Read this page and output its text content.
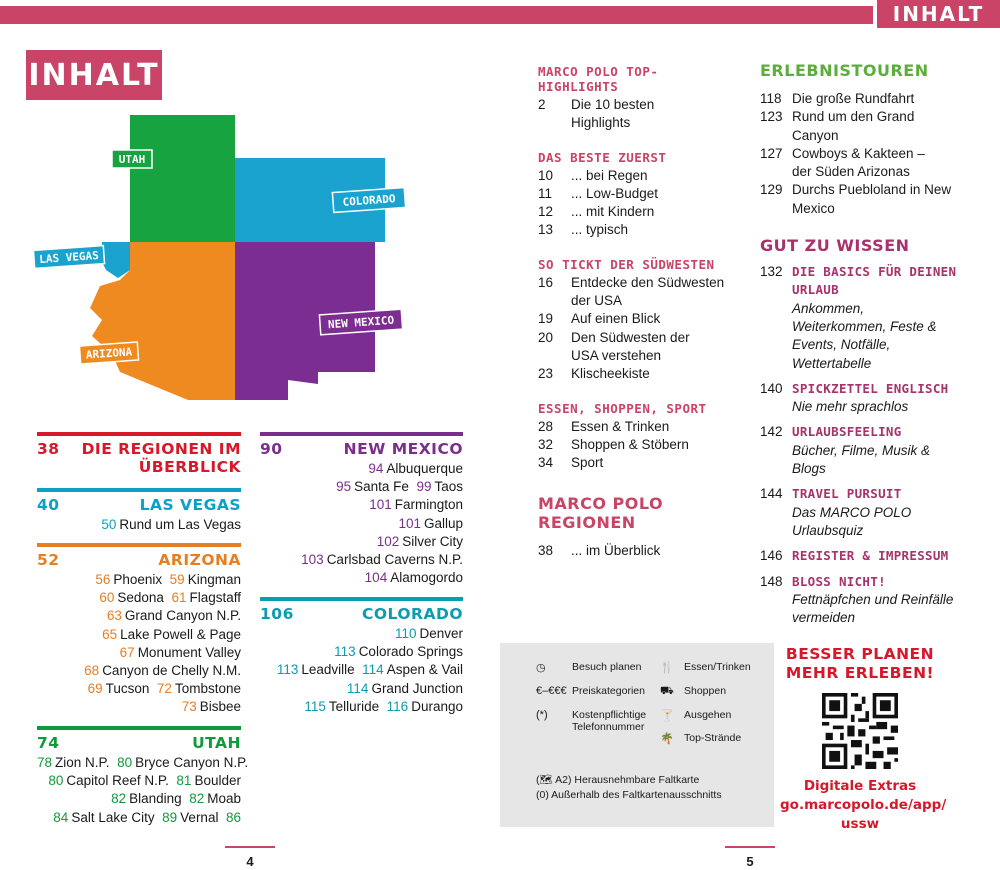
INHALT
INHALT
UTAH
COLORADO
LAS VEGAS
ARIZONA
NEW MEXICO
38	DIE REGIONEN IM
ÜBERBLICK
40	LAS VEGAS
50 Rund um Las Vegas
52	ARIZONA
56 Phoenix 59 Kingman
60 Sedona 61 Flagstaff
63 Grand Canyon N.P.
65 Lake Powell & Page
67 Monument Valley
68 Canyon de Chelly N.M.
69 Tucson 72 Tombstone
73 Bisbee
74	UTAH
78 Zion N.P. 80 Bryce Canyon N.P.
80 Capitol Reef N.P. 81 Boulder
82 Blanding 82 Moab
84 Salt Lake City 89 Vernal 86
90	NEW MEXICO
94 Albuquerque
95 Santa Fe 99 Taos
101 Farmington
101 Gallup
102 Silver City
103 Carlsbad Caverns N.P.
104 Alamogordo
106	COLORADO
110 Denver
113 Colorado Springs
113 Leadville 114 Aspen & Vail
114 Grand Junction
115 Telluride 116 Durango
MARCO POLO TOP-HIGHLIGHTS
2	Die 10 besten Highlights
DAS BESTE ZUERST
10	... bei Regen
11	... Low-Budget
12	... mit Kindern
13	... typisch
SO TICKT DER SÜDWESTEN
16	Entdecke den Südwesten der USA
19	Auf einen Blick
20	Den Südwesten der USA verstehen
23	Klischeekiste
ESSEN, SHOPPEN, SPORT
28	Essen & Trinken
32	Shoppen & Stöbern
34	Sport
MARCO POLO REGIONEN
38	... im Überblick
ERLEBNISTOUREN
118 Die große Rundfahrt
123 Rund um den Grand Canyon
127 Cowboys & Kakteen – der Süden Arizonas
129 Durchs Puebloland in New Mexico
GUT ZU WISSEN
132 DIE BASICS FÜR DEINEN URLAUB
Ankommen, Weiterkommen, Feste & Events, Notfälle, Wettertabelle
140 SPICKZETTEL ENGLISCH
Nie mehr sprachlos
142 URLAUBSFEELING
Bücher, Filme, Musik & Blogs
144 TRAVEL PURSUIT
Das MARCO POLO Urlaubsquiz
146 REGISTER & IMPRESSUM
148 BLOSS NICHT!
Fettnäpfchen und Reinfälle vermeiden
◷	Besuch planen 🍴 Essen/Trinken
€–€€€ Preiskategorien ⛟ Shoppen
(*)	Kostenpflichtige Telefonnummer
🍸 Ausgehen
🌴 Top-Strände
(🗺 A2) Herausnehmbare Faltkarte
(0) Außerhalb des Faltkartenausschnitts
BESSER PLANEN
MEHR ERLEBEN!
Digitale Extras
go.marcopolo.de/app/
ussw
4	5
